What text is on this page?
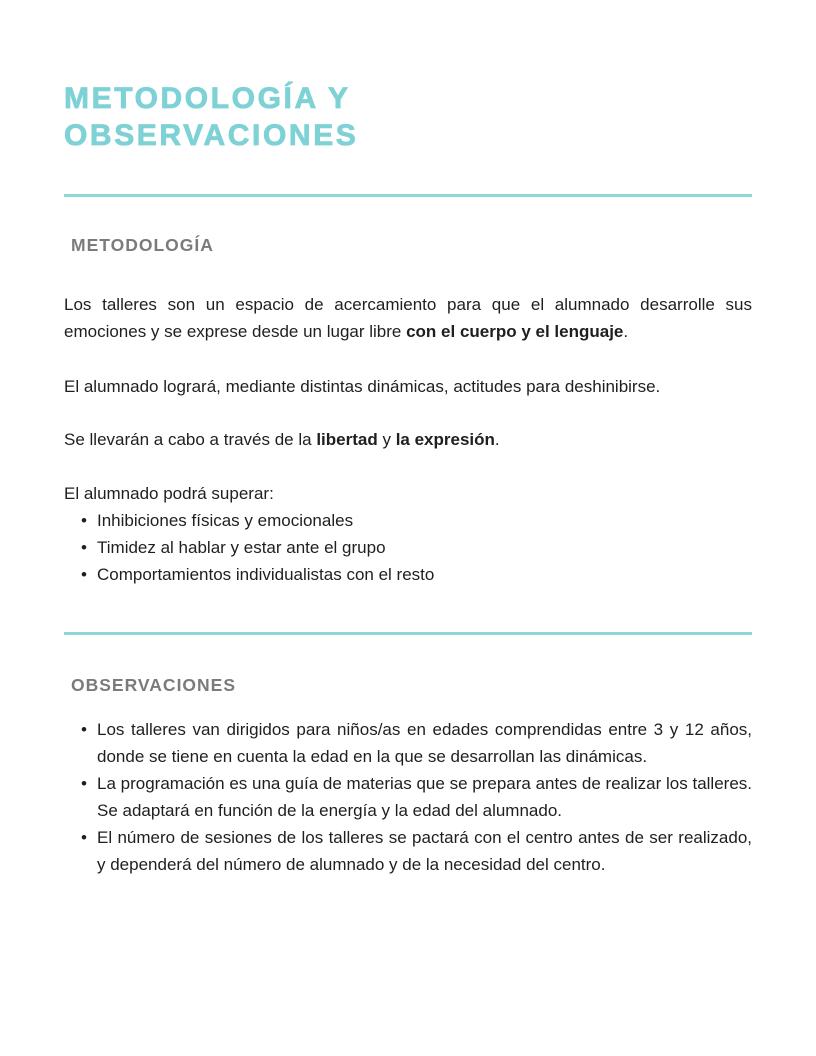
METODOLOGÍA Y
OBSERVACIONES
METODOLOGÍA

Los talleres son un espacio de acercamiento para que el alumnado desarrolle sus emociones y se exprese desde un lugar libre con el cuerpo y el lenguaje.

El alumnado logrará, mediante distintas dinámicas, actitudes para deshinibirse.

Se llevarán a cabo a través de la libertad y la expresión.

El alumnado podrá superar:

• Inhibiciones físicas y emocionales
• Timidez al hablar y estar ante el grupo
• Comportamientos individualistas con el resto
OBSERVACIONES
• Los talleres van dirigidos para niños/as en edades comprendidas entre 3 y 12 años, donde se tiene en cuenta la edad en la que se desarrollan las dinámicas.
• La programación es una guía de materias que se prepara antes de realizar los talleres. Se adaptará en función de la energía y la edad del alumnado.
• El número de sesiones de los talleres se pactará con el centro antes de ser realizado, y dependerá del número de alumnado y de la necesidad del centro.
